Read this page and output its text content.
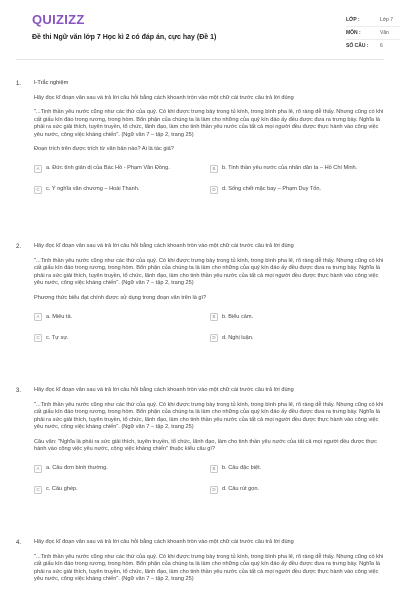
QUIZIZZ
Đề thi Ngữ văn lớp 7 Học kì 2 có đáp án, cực hay (Đề 1)
LỚP :	Lớp 7
MÔN :	Văn
SỐ CÂU : 6
1. I-Trắc nghiệm

Hãy đọc kĩ đoạn văn sau và trả lời câu hỏi bằng cách khoanh tròn vào một chữ cái trước câu trả lời đúng

"...Tinh thần yêu nước cũng như các thứ của quý. Có khi được trưng bày trong tủ kính, trong bình pha lê, rõ ràng dễ thấy. Nhưng cũng có khi cất giấu kín đáo trong rương, trong hòm. Bổn phận của chúng ta là làm cho những của quý kín đáo ấy đều được đưa ra trưng bày. Nghĩa là phải ra sức giải thích, tuyên truyền, tổ chức, lãnh đạo, làm cho tinh thần yêu nước của tất cả mọi người đều được thực hành vào công việc yêu nước, công việc kháng chiến". (Ngữ văn 7 – tập 2, trang 25)

Đoạn trích trên được trích từ văn bản nào? Ai là tác giả?

A	a. Đức tính giản dị của Bác Hồ - Phạm Văn Đồng.	B	b. Tinh thần yêu nước của nhân dân ta – Hồ Chí Minh.
C	c. Ý nghĩa văn chương – Hoài Thanh.	D	d. Sống chết mặc bay – Phạm Duy Tốn.
2. Hãy đọc kĩ đoạn văn sau và trả lời câu hỏi bằng cách khoanh tròn vào một chữ cái trước câu trả lời đúng

"...Tinh thần yêu nước cũng như các thứ của quý. Có khi được trưng bày trong tủ kính, trong bình pha lê, rõ ràng dễ thấy. Nhưng cũng có khi cất giấu kín đáo trong rương, trong hòm. Bổn phận của chúng ta là làm cho những của quý kín đáo ấy đều được đưa ra trưng bày. Nghĩa là phải ra sức giải thích, tuyên truyền, tổ chức, lãnh đạo, làm cho tinh thần yêu nước của tất cả mọi người đều được thực hành vào công việc yêu nước, công việc kháng chiến". (Ngữ văn 7 – tập 2, trang 25)

Phương thức biểu đạt chính được sử dụng trong đoạn văn trên là gì?

A	a. Miêu tả.	B	b. Biểu cảm.
C	c. Tự sự.	D	d. Nghị luận.
3. Hãy đọc kĩ đoạn văn sau và trả lời câu hỏi bằng cách khoanh tròn vào một chữ cái trước câu trả lời đúng

"...Tinh thần yêu nước cũng như các thứ của quý. Có khi được trưng bày trong tủ kính, trong bình pha lê, rõ ràng dễ thấy. Nhưng cũng có khi cất giấu kín đáo trong rương, trong hòm. Bổn phận của chúng ta là làm cho những của quý kín đáo ấy đều được đưa ra trưng bày. Nghĩa là phải ra sức giải thích, tuyên truyền, tổ chức, lãnh đạo, làm cho tinh thần yêu nước của tất cả mọi người đều được thực hành vào công việc yêu nước, công việc kháng chiến". (Ngữ văn 7 – tập 2, trang 25)

Câu văn: "Nghĩa là phải ra sức giải thích, tuyên truyền, tổ chức, lãnh đạo, làm cho tinh thần yêu nước của tất cả mọi người đều được thực hành vào công việc yêu nước, công việc kháng chiến" thuộc kiểu câu gì?

A	a. Câu đơn bình thường.	B	b. Câu đặc biệt.
C	c. Câu ghép.	D	d. Câu rút gọn.
4. Hãy đọc kĩ đoạn văn sau và trả lời câu hỏi bằng cách khoanh tròn vào một chữ cái trước câu trả lời đúng

"...Tinh thần yêu nước cũng như các thứ của quý. Có khi được trưng bày trong tủ kính, trong bình pha lê, rõ ràng dễ thấy. Nhưng cũng có khi cất giấu kín đáo trong rương, trong hòm. Bổn phận của chúng ta là làm cho những của quý kín đáo ấy đều được đưa ra trưng bày. Nghĩa là phải ra sức giải thích, tuyên truyền, tổ chức, lãnh đạo, làm cho tinh thần yêu nước của tất cả mọi người đều được thực hành vào công việc yêu nước, công việc kháng chiến". (Ngữ văn 7 – tập 2, trang 25)
